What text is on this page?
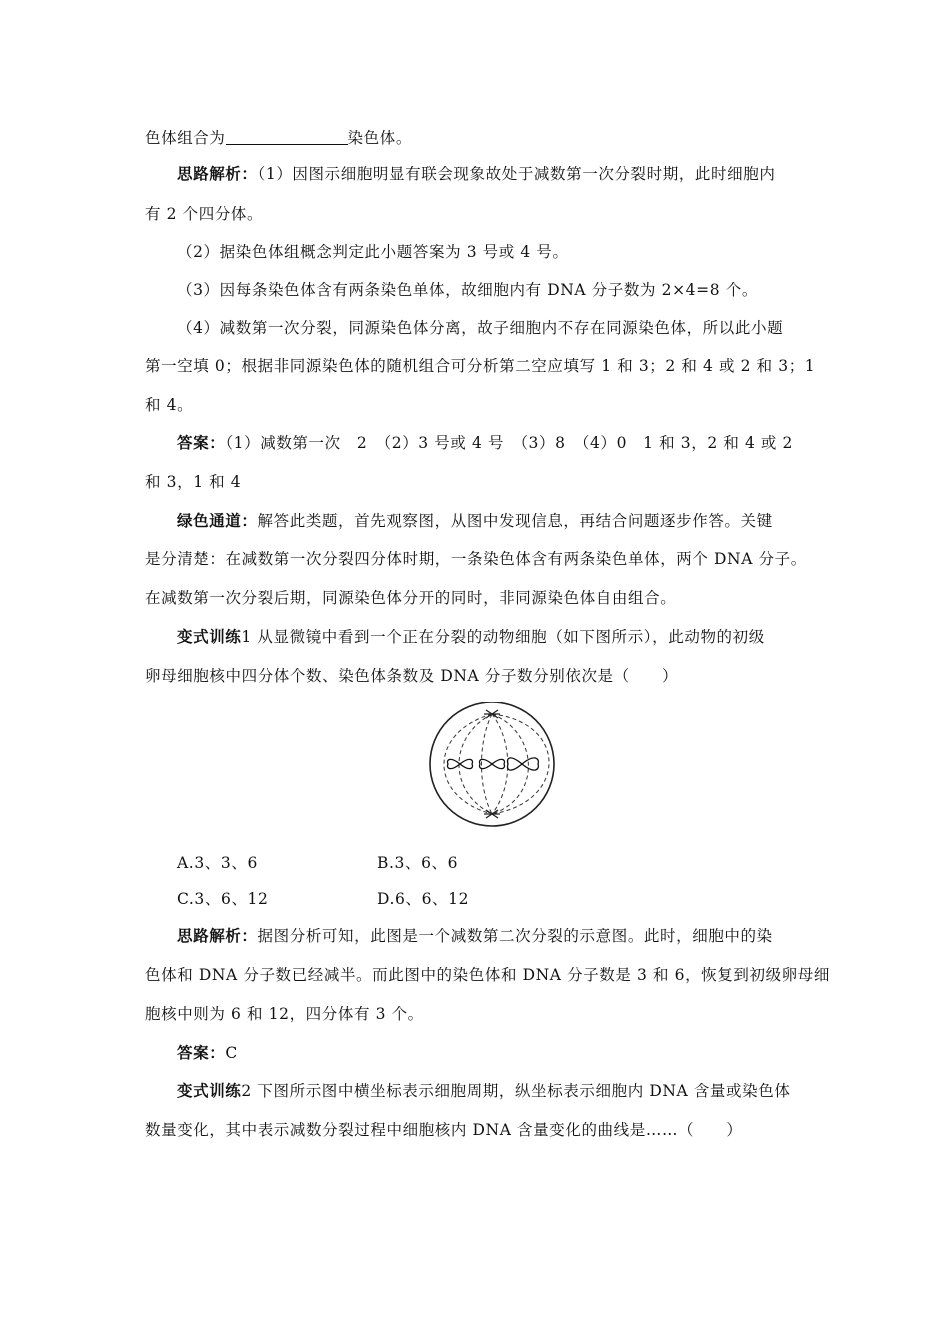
色体组合为	染色体。
思路解析：（1）因图示细胞明显有联会现象故处于减数第一次分裂时期，此时细胞内
有 2 个四分体。
（2）据染色体组概念判定此小题答案为 3 号或 4 号。
（3）因每条染色体含有两条染色单体，故细胞内有 DNA 分子数为 2×4=8 个。
（4）减数第一次分裂，同源染色体分离，故子细胞内不存在同源染色体，所以此小题
第一空填 0；根据非同源染色体的随机组合可分析第二空应填写 1 和 3；2 和 4 或 2 和 3；1
和 4。
答案：（1）减数第一次　2　（2）3 号或 4 号　（3）8　（4）0　1 和 3，2 和 4 或 2
和 3，1 和 4
绿色通道：解答此类题，首先观察图，从图中发现信息，再结合问题逐步作答。关键
是分清楚：在减数第一次分裂四分体时期，一条染色体含有两条染色单体，两个 DNA 分子。
在减数第一次分裂后期，同源染色体分开的同时，非同源染色体自由组合。
变式训练1 从显微镜中看到一个正在分裂的动物细胞（如下图所示），此动物的初级
卵母细胞核中四分体个数、染色体条数及 DNA 分子数分别依次是（　　）
A.3、3、6	B.3、6、6
C.3、6、12	D.6、6、12
思路解析：据图分析可知，此图是一个减数第二次分裂的示意图。此时，细胞中的染
色体和 DNA 分子数已经减半。而此图中的染色体和 DNA 分子数是 3 和 6，恢复到初级卵母细
胞核中则为 6 和 12，四分体有 3 个。
答案：C
变式训练2 下图所示图中横坐标表示细胞周期，纵坐标表示细胞内 DNA 含量或染色体
数量变化，其中表示减数分裂过程中细胞核内 DNA 含量变化的曲线是……（　　）
